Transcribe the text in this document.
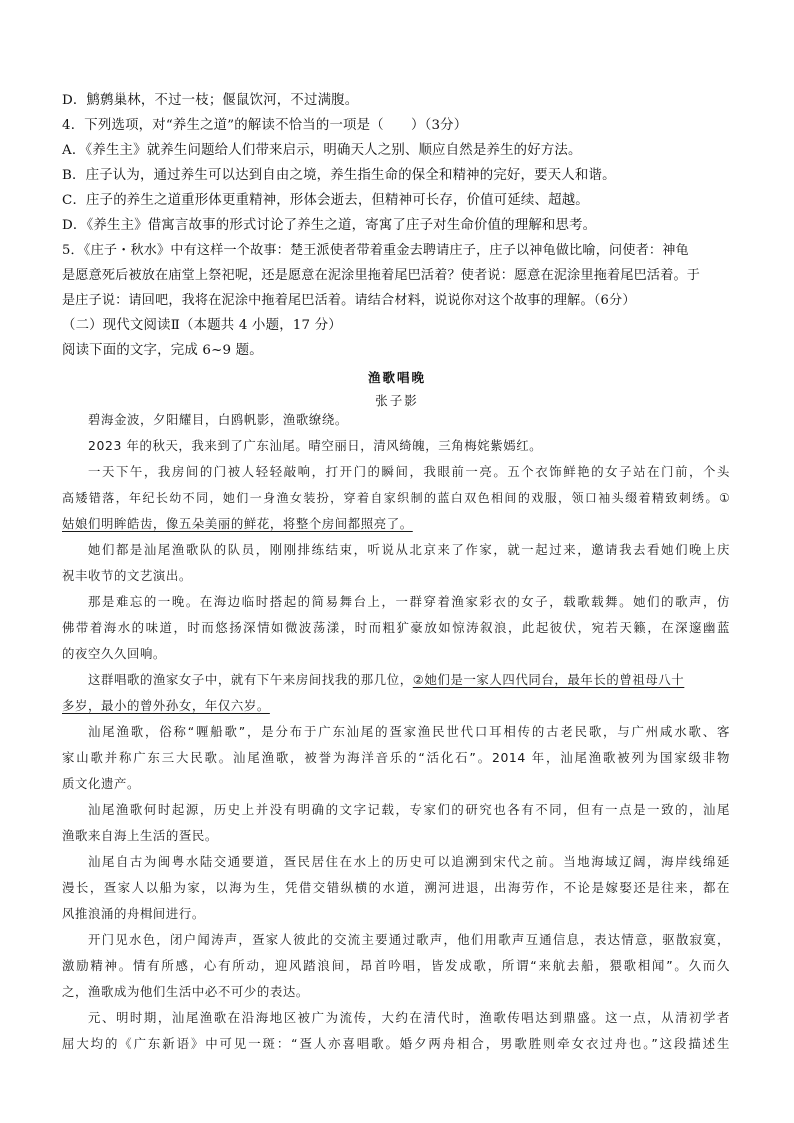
D．鹪鹩巢林，不过一枝；偃鼠饮河，不过满腹。
4．下列选项，对“养生之道”的解读不恰当的一项是（　　）（3分）
A．《养生主》就养生问题给人们带来启示，明确天人之别、顺应自然是养生的好方法。
B．庄子认为，通过养生可以达到自由之境，养生指生命的保全和精神的完好，要天人和谐。
C．庄子的养生之道重形体更重精神，形体会逝去，但精神可长存，价值可延续、超越。
D．《养生主》借寓言故事的形式讨论了养生之道，寄寓了庄子对生命价值的理解和思考。
5．《庄子・秋水》中有这样一个故事：楚王派使者带着重金去聘请庄子，庄子以神龟做比喻，问使者：神龟
是愿意死后被放在庙堂上祭祀呢，还是愿意在泥涂里拖着尾巴活着？使者说：愿意在泥涂里拖着尾巴活着。于
是庄子说：请回吧，我将在泥涂中拖着尾巴活着。请结合材料，说说你对这个故事的理解。（6分）
（二）现代文阅读Ⅱ（本题共 4 小题，17 分）
阅读下面的文字，完成 6~9 题。
渔歌唱晚
张子影
碧海金波，夕阳耀目，白鸥帆影，渔歌缭绕。
2023 年的秋天，我来到了广东汕尾。晴空丽日，清风绮魄，三角梅姹紫嫣红。
一天下午，我房间的门被人轻轻敲响，打开门的瞬间，我眼前一亮。五个衣饰鲜艳的女子站在门前，个头
高矮错落，年纪长幼不同，她们一身渔女装扮，穿着自家织制的蓝白双色相间的戏服，领口袖头缀着精致刺绣。①
姑娘们明眸皓齿，像五朵美丽的鲜花，将整个房间都照亮了。
她们都是汕尾渔歌队的队员，刚刚排练结束，听说从北京来了作家，就一起过来，邀请我去看她们晚上庆
祝丰收节的文艺演出。
那是难忘的一晚。在海边临时搭起的简易舞台上，一群穿着渔家彩衣的女子，载歌载舞。她们的歌声，仿
佛带着海水的味道，时而悠扬深情如微波荡漾，时而粗犷豪放如惊涛叙浪，此起彼伏，宛若天籁，在深邃幽蓝
的夜空久久回响。
这群唱歌的渔家女子中，就有下午来房间找我的那几位，②她们是一家人四代同台，最年长的曾祖母八十
多岁，最小的曾外孙女，年仅六岁。
汕尾渔歌，俗称“喱船歌”，是分布于广东汕尾的疍家渔民世代口耳相传的古老民歌，与广州咸水歌、客
家山歌并称广东三大民歌。汕尾渔歌，被誉为海洋音乐的“活化石”。2014 年，汕尾渔歌被列为国家级非物
质文化遗产。
汕尾渔歌何时起源，历史上并没有明确的文字记载，专家们的研究也各有不同，但有一点是一致的，汕尾
渔歌来自海上生活的疍民。
汕尾自古为闽粤水陆交通要道，疍民居住在水上的历史可以追溯到宋代之前。当地海域辽阔，海岸线绵延
漫长，疍家人以船为家，以海为生，凭借交错纵横的水道，溯河进退，出海劳作，不论是嫁娶还是往来，都在
风推浪涌的舟楫间进行。
开门见水色，闭户闻涛声，疍家人彼此的交流主要通过歌声，他们用歌声互通信息，表达情意，驱散寂寞，
激励精神。情有所感，心有所动，迎风踏浪间，昂首吟唱，皆发成歌，所谓“来航去船，猥歌相闻”。久而久
之，渔歌成为他们生活中必不可少的表达。
元、明时期，汕尾渔歌在沿海地区被广为流传，大约在清代时，渔歌传唱达到鼎盛。这一点，从清初学者
屈大均的《广东新语》中可见一斑：“疍人亦喜唱歌。婚夕两舟相合，男歌胜则牵女衣过舟也。”这段描述生
